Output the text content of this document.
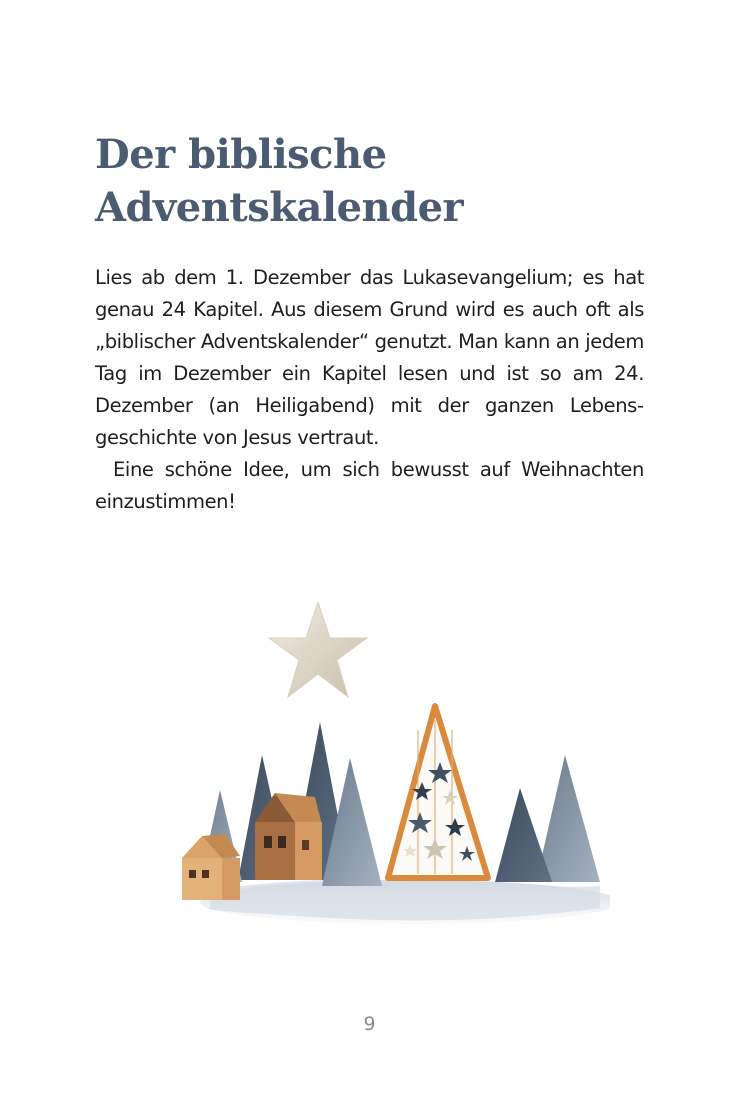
Der biblische
Adventskalender

Lies ab dem 1. Dezember das Lukasevangelium; es hat genau 24 Kapitel. Aus diesem Grund wird es auch oft als „biblischer Adventskalender“ genutzt. Man kann an jedem Tag im Dezember ein Kapitel lesen und ist so am 24. Dezember (an Heiligabend) mit der ganzen Lebensgeschichte von Jesus vertraut.

Eine schöne Idee, um sich bewusst auf Weihnachten einzustimmen!

9
